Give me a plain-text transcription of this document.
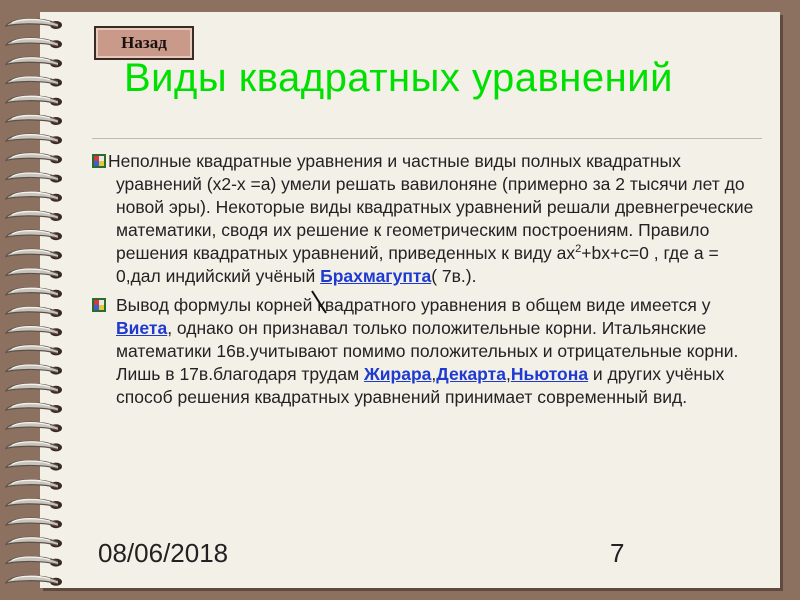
Назад
Виды квадратных уравнений
Неполные квадратные уравнения и частные виды полных квадратных уравнений (х2-х =а) умели решать вавилоняне (примерно за 2 тысячи лет до новой эры). Некоторые виды квадратных уравнений решали древнегреческие математики, сводя их решение к геометрическим построениям. Правило решения квадратных уравнений, приведенных к виду $ax^2+bx+c=0$ , где а = 0,дал индийский учёный Брахмагупта( 7в.).
Вывод формулы корней квадратного уравнения в общем виде имеется у Виета, однако он признавал только положительные корни. Итальянские математики 16в.учитывают помимо положительных и отрицательные корни. Лишь в 17в.благодаря трудам Жирара,Декарта,Ньютона и других учёных способ решения квадратных уравнений принимает современный вид.
08/06/2018	7
